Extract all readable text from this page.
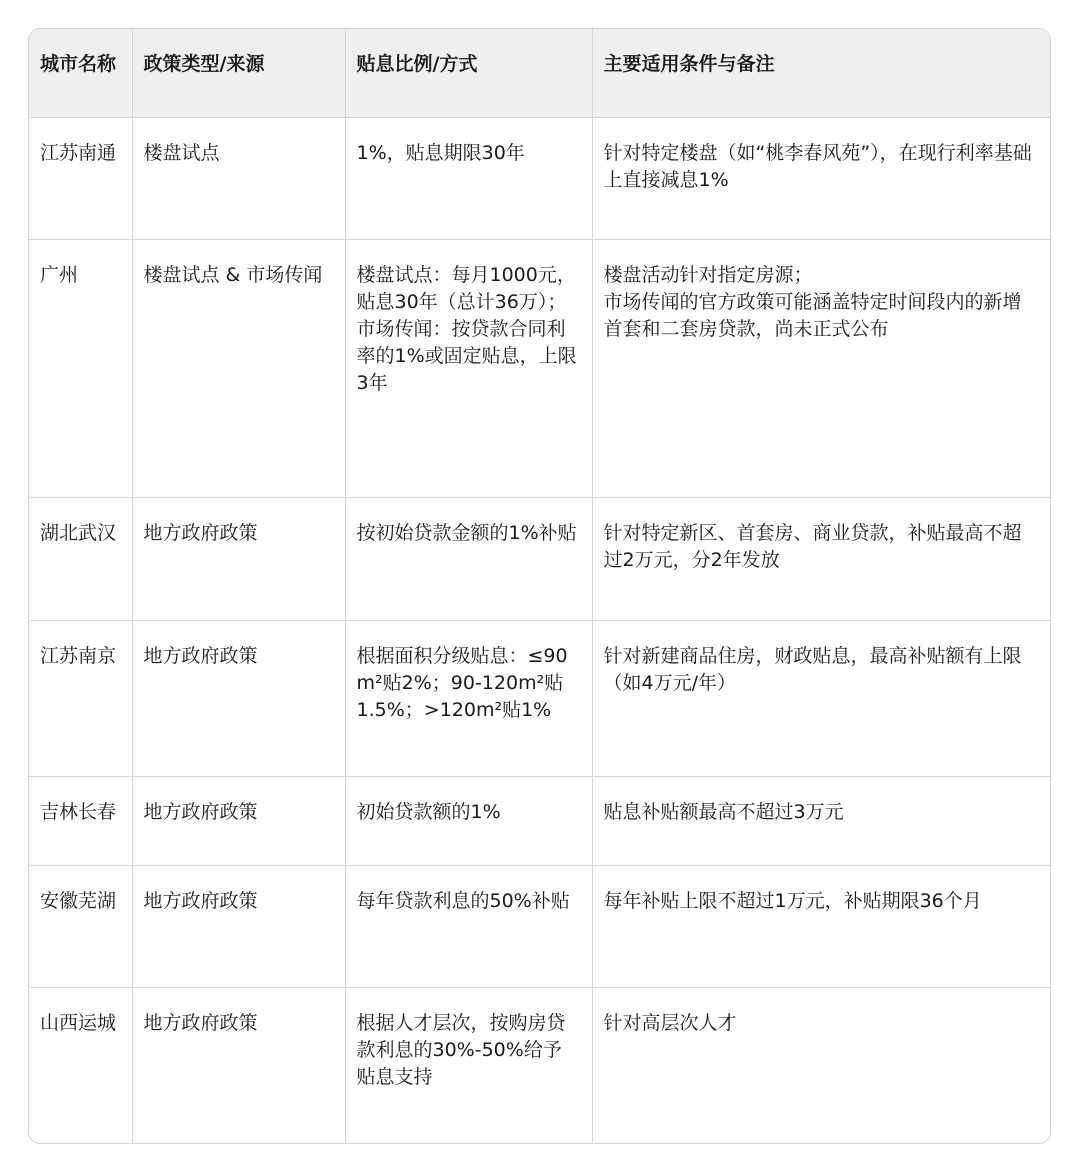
城市名称	政策类型/来源	贴息比例/方式	主要适用条件与备注
江苏南通	楼盘试点	1%，贴息期限30年	针对特定楼盘（如“桃李春风苑”），在现行利率基础上直接减息1%

广州	楼盘试点 & 市场传闻	楼盘试点：每月1000元，贴息30年（总计36万）；
市场传闻：按贷款合同利率的1%或固定贴息，上限3年	楼盘活动针对指定房源；
市场传闻的官方政策可能涵盖特定时间段内的新增首套和二套房贷款，尚未正式公布

湖北武汉	地方政府政策	按初始贷款金额的1%补贴	针对特定新区、首套房、商业贷款，补贴最高不超过2万元，分2年发放

江苏南京	地方政府政策	根据面积分级贴息：≤90m²贴2%；90-120m²贴1.5%；>120m²贴1%	针对新建商品住房，财政贴息，最高补贴额有上限（如4万元/年）

吉林长春	地方政府政策	初始贷款额的1%	贴息补贴额最高不超过3万元

安徽芜湖	地方政府政策	每年贷款利息的50%补贴	每年补贴上限不超过1万元，补贴期限36个月

山西运城	地方政府政策	根据人才层次，按购房贷款利息的30%-50%给予贴息支持	针对高层次人才
